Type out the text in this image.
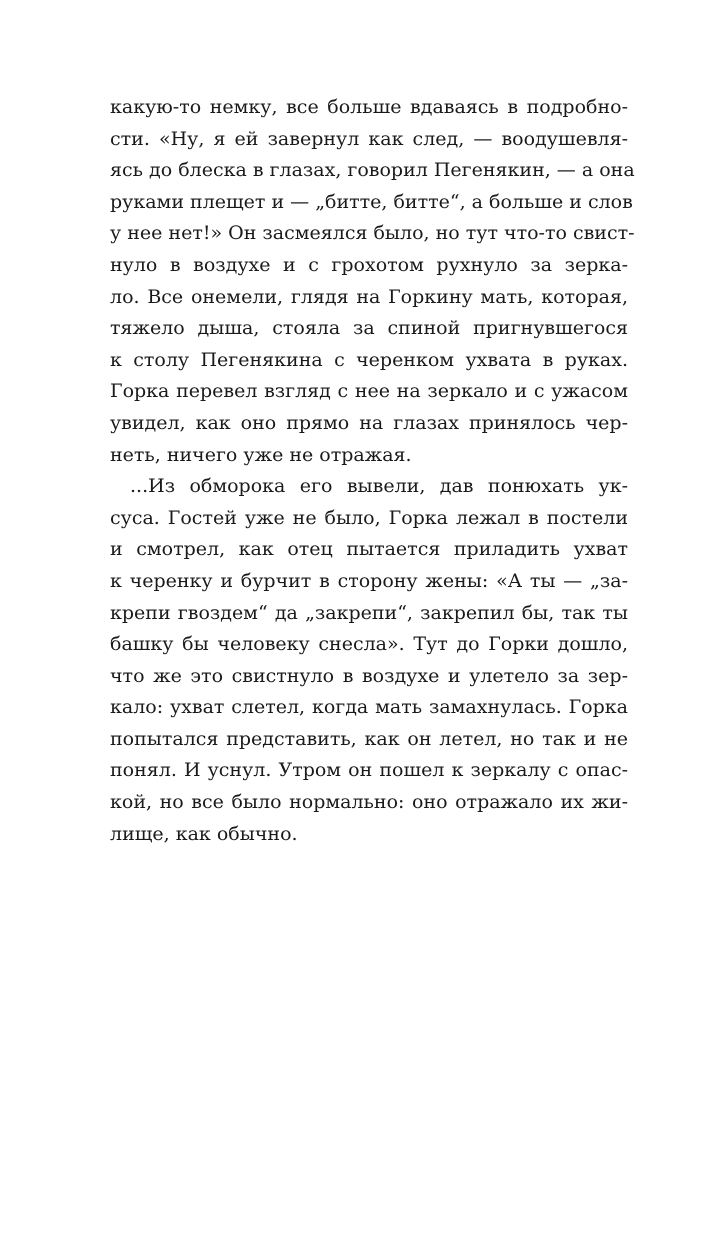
какую-то немку, все больше вдаваясь в подробно-
сти. «Ну, я ей завернул как след, — воодушевля-
ясь до блеска в глазах, говорил Пегенякин, — а она
руками плещет и — „битте, битте“, а больше и слов
у нее нет!» Он засмеялся было, но тут что-то свист-
нуло в воздухе и с грохотом рухнуло за зерка-
ло. Все онемели, глядя на Горкину мать, которая,
тяжело дыша, стояла за спиной пригнувшегося
к столу Пегенякина с черенком ухвата в руках.
Горка перевел взгляд с нее на зеркало и с ужасом
увидел, как оно прямо на глазах принялось чер-
неть, ничего уже не отражая.
...Из обморока его вывели, дав понюхать ук-
суса. Гостей уже не было, Горка лежал в постели
и смотрел, как отец пытается приладить ухват
к черенку и бурчит в сторону жены: «А ты — „за-
крепи гвоздем“ да „закрепи“, закрепил бы, так ты
башку бы человеку снесла». Тут до Горки дошло,
что же это свистнуло в воздухе и улетело за зер-
кало: ухват слетел, когда мать замахнулась. Горка
попытался представить, как он летел, но так и не
понял. И уснул. Утром он пошел к зеркалу с опас-
кой, но все было нормально: оно отражало их жи-
лище, как обычно.
